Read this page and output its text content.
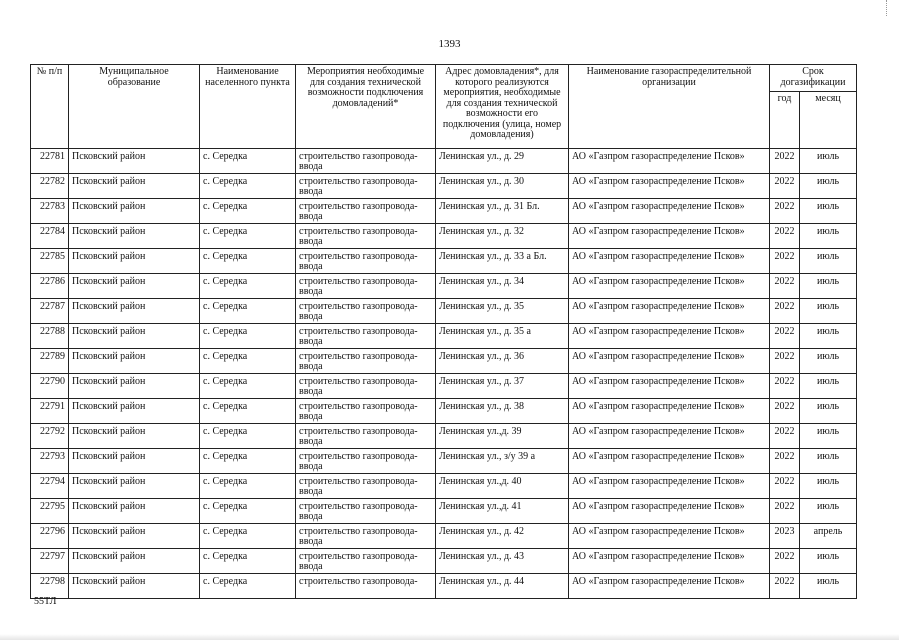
1393
№ п/п	Муниципальное образование	Наименование населенного пункта	Мероприятия необходимые для создания технической возможности подключения домовладений*	Адрес домовладения*, для которого реализуются мероприятия, необходимые для создания технической возможности его подключения (улица, номер домовладения)	Наименование газораспределительной организации	Срок догазификации	
						год	месяц
22781	Псковский район	с. Середка	строительство газопровода-ввода	Ленинская ул., д. 29	АО «Газпром газораспределение Псков»	2022	июль
22782	Псковский район	с. Середка	строительство газопровода-ввода	Ленинская ул., д. 30	АО «Газпром газораспределение Псков»	2022	июль
22783	Псковский район	с. Середка	строительство газопровода-ввода	Ленинская ул., д. 31 Бл.	АО «Газпром газораспределение Псков»	2022	июль
22784	Псковский район	с. Середка	строительство газопровода-ввода	Ленинская ул., д. 32	АО «Газпром газораспределение Псков»	2022	июль
22785	Псковский район	с. Середка	строительство газопровода-ввода	Ленинская ул., д. 33 а Бл.	АО «Газпром газораспределение Псков»	2022	июль
22786	Псковский район	с. Середка	строительство газопровода-ввода	Ленинская ул., д. 34	АО «Газпром газораспределение Псков»	2022	июль
22787	Псковский район	с. Середка	строительство газопровода-ввода	Ленинская ул., д. 35	АО «Газпром газораспределение Псков»	2022	июль
22788	Псковский район	с. Середка	строительство газопровода-ввода	Ленинская ул., д. 35 а	АО «Газпром газораспределение Псков»	2022	июль
22789	Псковский район	с. Середка	строительство газопровода-ввода	Ленинская ул., д. 36	АО «Газпром газораспределение Псков»	2022	июль
22790	Псковский район	с. Середка	строительство газопровода-ввода	Ленинская ул., д. 37	АО «Газпром газораспределение Псков»	2022	июль
22791	Псковский район	с. Середка	строительство газопровода-ввода	Ленинская ул., д. 38	АО «Газпром газораспределение Псков»	2022	июль
22792	Псковский район	с. Середка	строительство газопровода-ввода	Ленинская ул.,д. 39	АО «Газпром газораспределение Псков»	2022	июль
22793	Псковский район	с. Середка	строительство газопровода-ввода	Ленинская ул., з/у 39 а	АО «Газпром газораспределение Псков»	2022	июль
22794	Псковский район	с. Середка	строительство газопровода-ввода	Ленинская ул.,д. 40	АО «Газпром газораспределение Псков»	2022	июль
22795	Псковский район	с. Середка	строительство газопровода-ввода	Ленинская ул.,д. 41	АО «Газпром газораспределение Псков»	2022	июль
22796	Псковский район	с. Середка	строительство газопровода-ввода	Ленинская ул., д. 42	АО «Газпром газораспределение Псков»	2023	апрель
22797	Псковский район	с. Середка	строительство газопровода-ввода	Ленинская ул., д. 43	АО «Газпром газораспределение Псков»	2022	июль
22798	Псковский район	с. Середка	строительство газопровода-	Ленинская ул., д. 44	АО «Газпром газораспределение Псков»	2022	июль
55ТЛ
